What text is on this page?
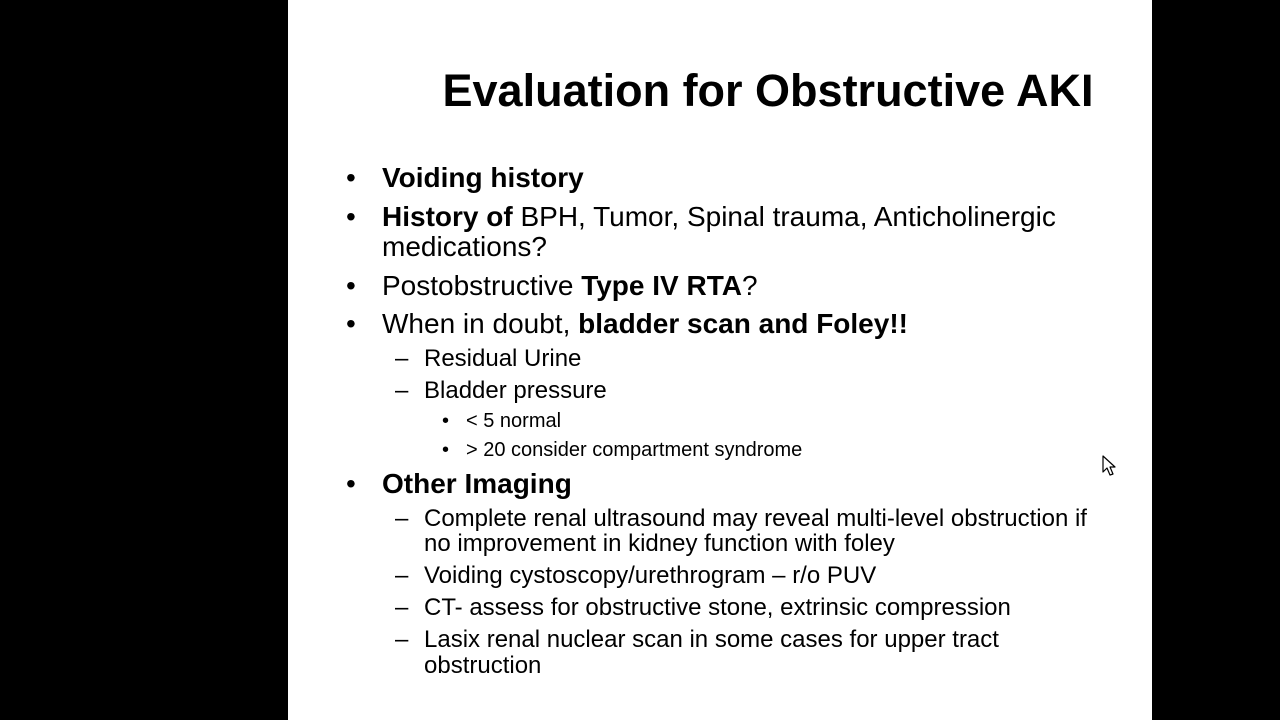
Evaluation for Obstructive AKI
• Voiding history
• History of BPH, Tumor, Spinal trauma, Anticholinergic
medications?
• Postobstructive Type IV RTA?
• When in doubt, bladder scan and Foley!!
– Residual Urine
– Bladder pressure
• < 5 normal
• > 20 consider compartment syndrome
• Other Imaging
– Complete renal ultrasound may reveal multi-level obstruction if
no improvement in kidney function with foley
– Voiding cystoscopy/urethrogram – r/o PUV
– CT- assess for obstructive stone, extrinsic compression
– Lasix renal nuclear scan in some cases for upper tract
obstruction
